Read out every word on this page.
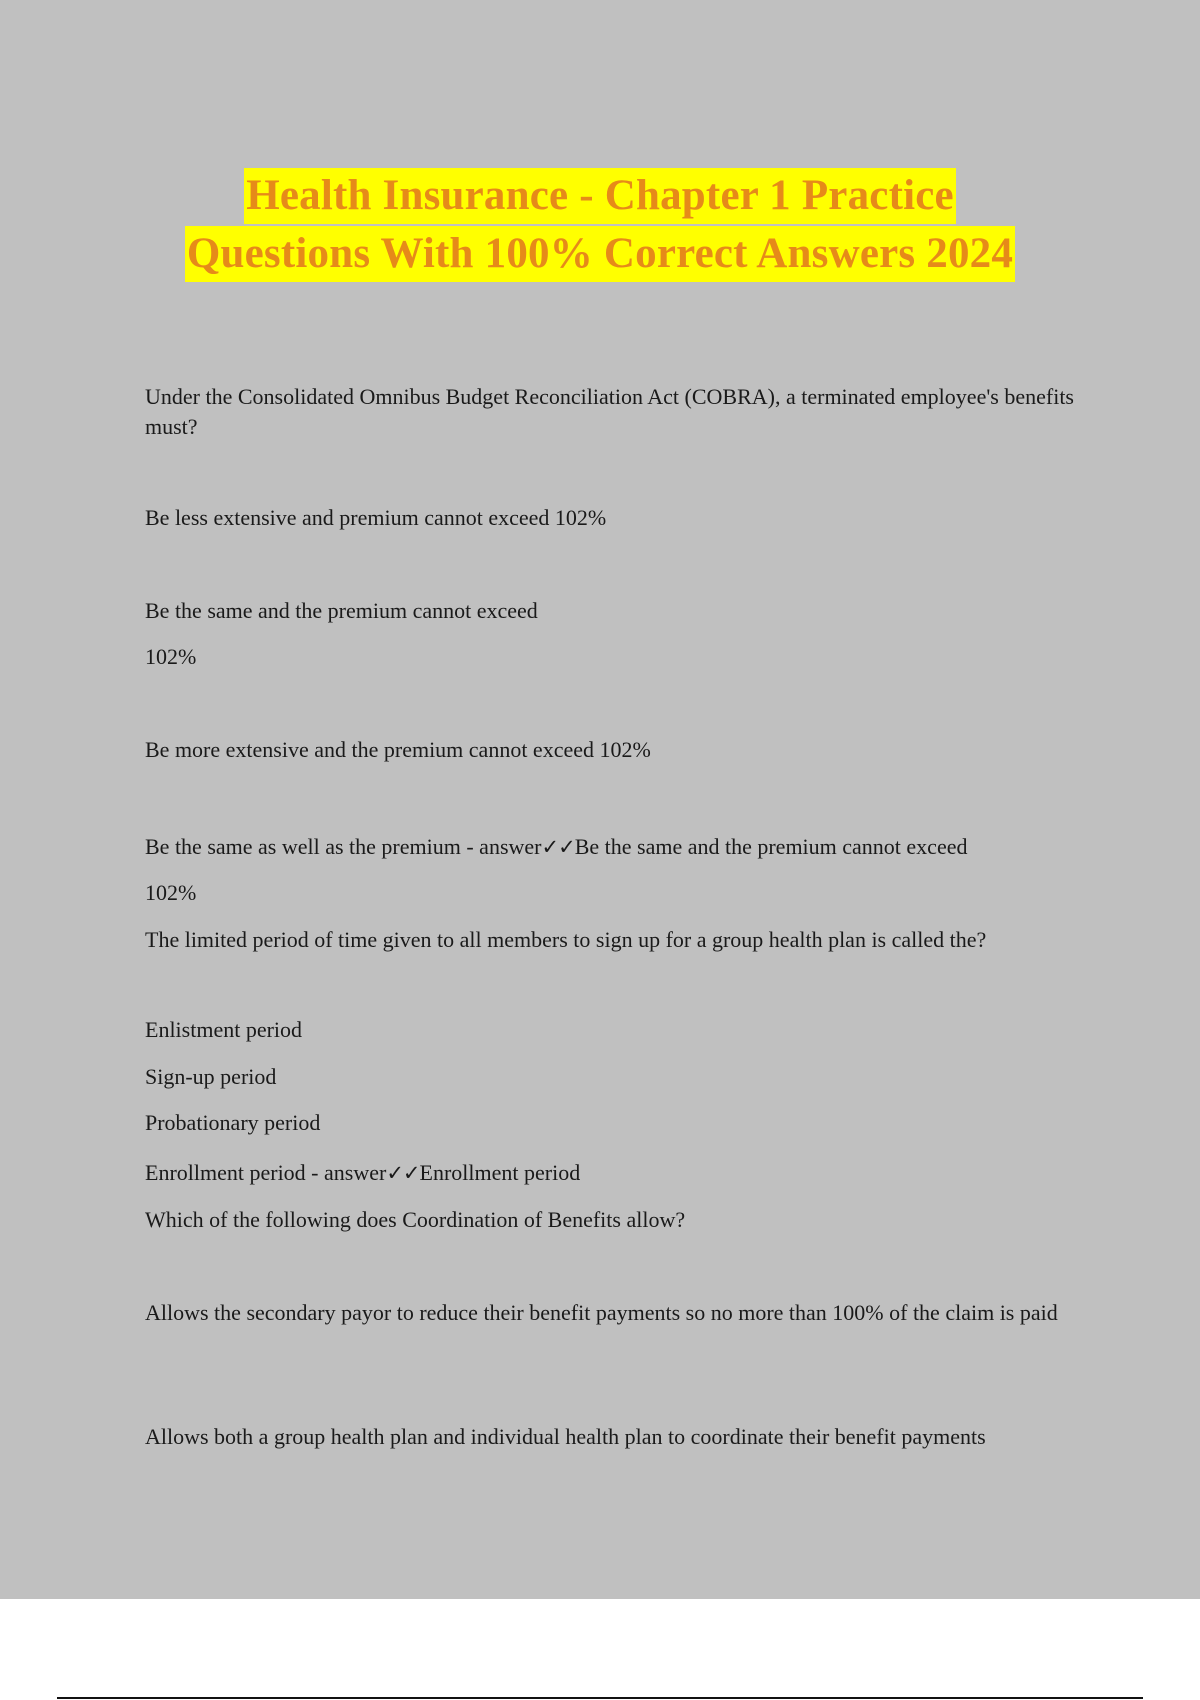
Health Insurance - Chapter 1 Practice
Questions With 100% Correct Answers 2024

Under the Consolidated Omnibus Budget Reconciliation Act (COBRA), a terminated employee's benefits must?

Be less extensive and premium cannot exceed 102%

Be the same and the premium cannot exceed

102%

Be more extensive and the premium cannot exceed 102%

Be the same as well as the premium - answer✓✓Be the same and the premium cannot exceed

102%

The limited period of time given to all members to sign up for a group health plan is called the?

Enlistment period

Sign-up period

Probationary period

Enrollment period - answer✓✓Enrollment period

Which of the following does Coordination of Benefits allow?

Allows the secondary payor to reduce their benefit payments so no more than 100% of the claim is paid

Allows both a group health plan and individual health plan to coordinate their benefit payments
